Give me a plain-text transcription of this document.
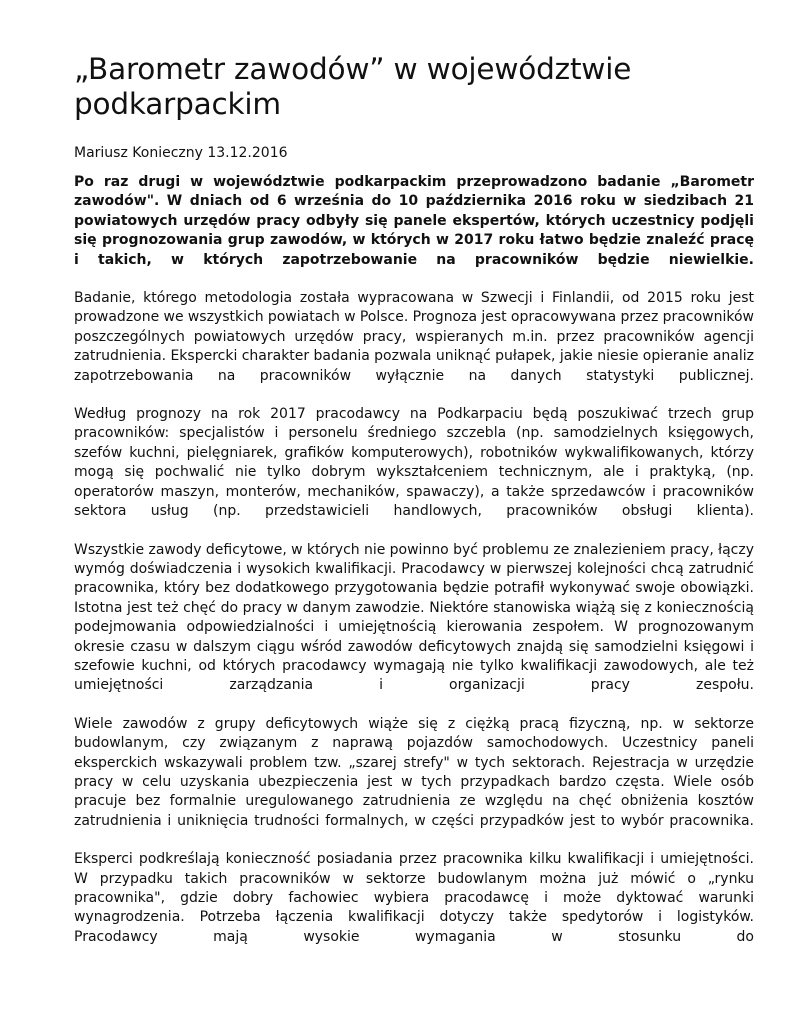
„Barometr zawodów” w województwie podkarpackim
Mariusz Konieczny 13.12.2016

Po raz drugi w województwie podkarpackim przeprowadzono badanie „Barometr zawodów". W dniach od 6 września do 10 października 2016 roku w siedzibach 21 powiatowych urzędów pracy odbyły się panele ekspertów, których uczestnicy podjęli się prognozowania grup zawodów, w których w 2017 roku łatwo będzie znaleźć pracę i takich, w których zapotrzebowanie na pracowników będzie niewielkie.

Badanie, którego metodologia została wypracowana w Szwecji i Finlandii, od 2015 roku jest prowadzone we wszystkich powiatach w Polsce. Prognoza jest opracowywana przez pracowników poszczególnych powiatowych urzędów pracy, wspieranych m.in. przez pracowników agencji zatrudnienia. Ekspercki charakter badania pozwala uniknąć pułapek, jakie niesie opieranie analiz zapotrzebowania na pracowników wyłącznie na danych statystyki publicznej.

Według prognozy na rok 2017 pracodawcy na Podkarpaciu będą poszukiwać trzech grup pracowników: specjalistów i personelu średniego szczebla (np. samodzielnych księgowych, szefów kuchni, pielęgniarek, grafików komputerowych), robotników wykwalifikowanych, którzy mogą się pochwalić nie tylko dobrym wykształceniem technicznym, ale i praktyką, (np. operatorów maszyn, monterów, mechaników, spawaczy), a także sprzedawców i pracowników sektora usług (np. przedstawicieli handlowych, pracowników obsługi klienta).

Wszystkie zawody deficytowe, w których nie powinno być problemu ze znalezieniem pracy, łączy wymóg doświadczenia i wysokich kwalifikacji. Pracodawcy w pierwszej kolejności chcą zatrudnić pracownika, który bez dodatkowego przygotowania będzie potrafił wykonywać swoje obowiązki. Istotna jest też chęć do pracy w danym zawodzie. Niektóre stanowiska wiążą się z koniecznością podejmowania odpowiedzialności i umiejętnością kierowania zespołem. W prognozowanym okresie czasu w dalszym ciągu wśród zawodów deficytowych znajdą się samodzielni księgowi i szefowie kuchni, od których pracodawcy wymagają nie tylko kwalifikacji zawodowych, ale też umiejętności zarządzania i organizacji pracy zespołu.

Wiele zawodów z grupy deficytowych wiąże się z ciężką pracą fizyczną, np. w sektorze budowlanym, czy związanym z naprawą pojazdów samochodowych. Uczestnicy paneli eksperckich wskazywali problem tzw. „szarej strefy" w tych sektorach. Rejestracja w urzędzie pracy w celu uzyskania ubezpieczenia jest w tych przypadkach bardzo częsta. Wiele osób pracuje bez formalnie uregulowanego zatrudnienia ze względu na chęć obniżenia kosztów zatrudnienia i uniknięcia trudności formalnych, w części przypadków jest to wybór pracownika.

Eksperci podkreślają konieczność posiadania przez pracownika kilku kwalifikacji i umiejętności. W przypadku takich pracowników w sektorze budowlanym można już mówić o „rynku pracownika", gdzie dobry fachowiec wybiera pracodawcę i może dyktować warunki wynagrodzenia. Potrzeba łączenia kwalifikacji dotyczy także spedytorów i logistyków. Pracodawcy mają wysokie wymagania w stosunku do
